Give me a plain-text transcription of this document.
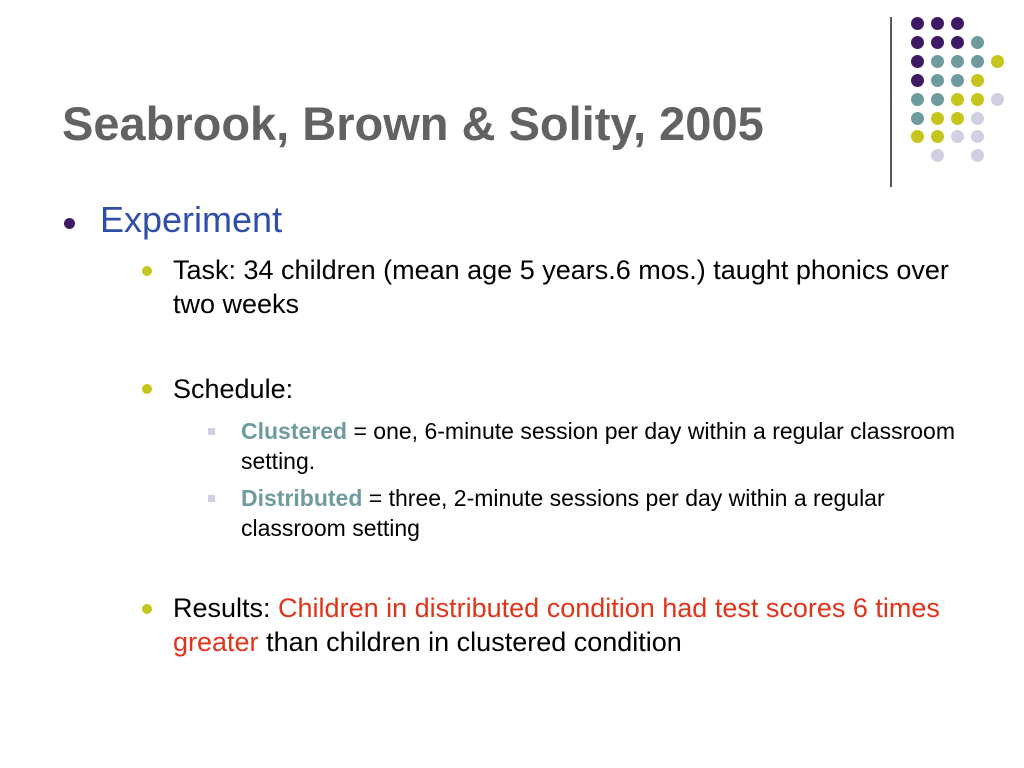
Seabrook, Brown & Solity, 2005
Experiment
Task: 34 children (mean age 5 years.6 mos.) taught phonics over two weeks
Schedule:
Clustered = one, 6-minute session per day within a regular classroom setting.
Distributed = three, 2-minute sessions per day within a regular classroom setting
Results: Children in distributed condition had test scores 6 times greater than children in clustered condition
